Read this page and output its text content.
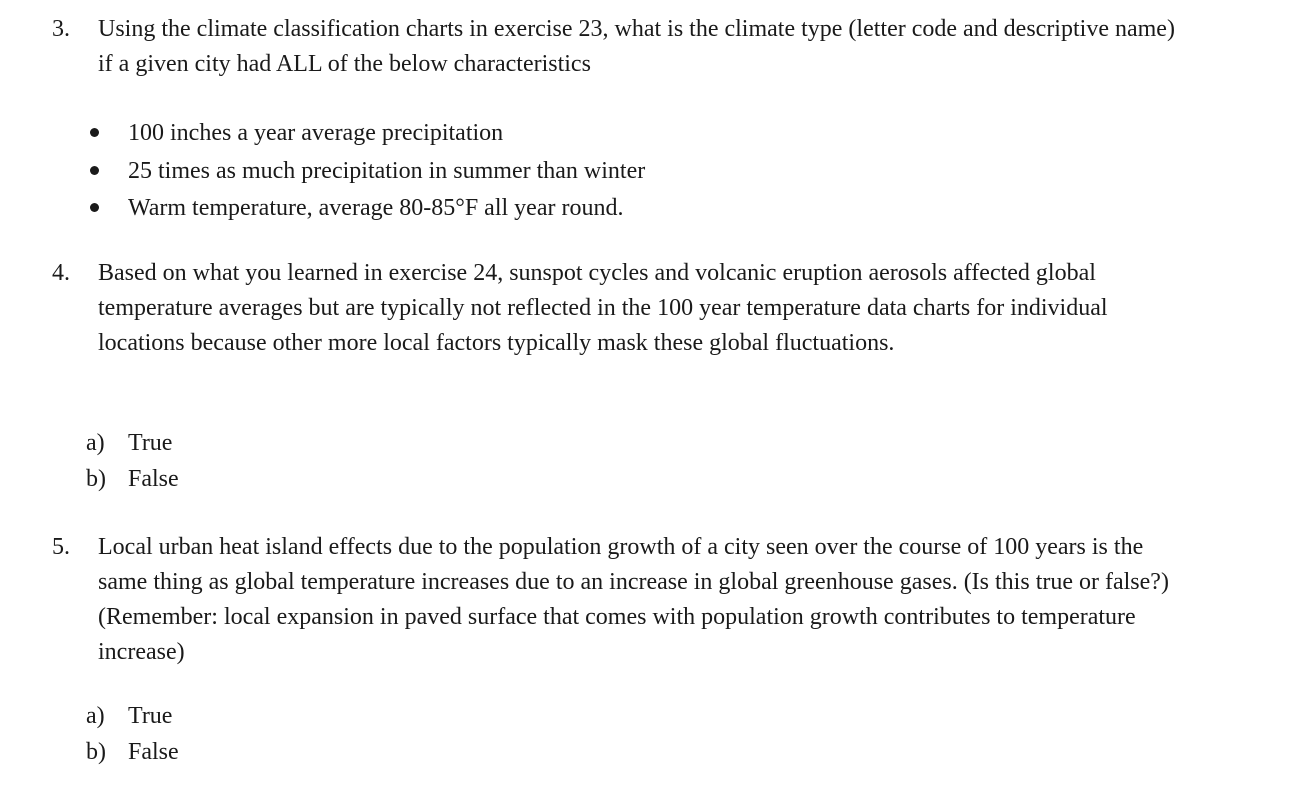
3. Using the climate classification charts in exercise 23, what is the climate type (letter code and descriptive name) if a given city had ALL of the below characteristics
100 inches a year average precipitation
25 times as much precipitation in summer than winter
Warm temperature, average 80-85°F all year round.
4. Based on what you learned in exercise 24, sunspot cycles and volcanic eruption aerosols affected global temperature averages but are typically not reflected in the 100 year temperature data charts for individual locations because other more local factors typically mask these global fluctuations.
a) True
b) False
5. Local urban heat island effects due to the population growth of a city seen over the course of 100 years is the same thing as global temperature increases due to an increase in global greenhouse gases. (Is this true or false?) (Remember: local expansion in paved surface that comes with population growth contributes to temperature increase)
a) True
b) False
